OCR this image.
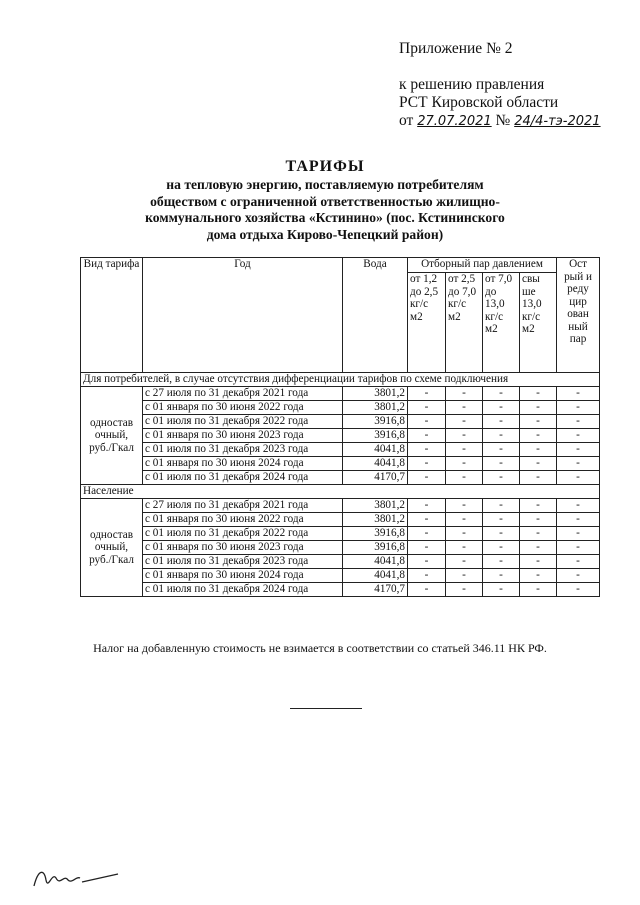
Приложение № 2
к решению правления
РСТ Кировской области
от 27.07.2021 № 24/4-тэ-2021
ТАРИФЫ
на тепловую энергию, поставляемую потребителям
обществом с ограниченной ответственностью жилищно-
коммунального хозяйства «Кстинино» (пос. Кстининского
дома отдыха Кирово-Чепецкий район)
Вид тарифа	Год	Вода	Отборный пар давлением				Ост рый и реду цир ован ный пар
			от 1,2 до 2,5 кг/с м2	от 2,5 до 7,0 кг/с м2	от 7,0 до 13,0 кг/с м2	свы ше 13,0 кг/с м2	
Для потребителей, в случае отсутствия дифференциации тарифов по схеме подключения							
одностав очный, руб./Гкал	с 27 июля по 31 декабря 2021 года	3801,2	-	-	-	-	-
	с 01 января по 30 июня 2022 года	3801,2	-	-	-	-	-
	с 01 июля по 31 декабря 2022 года	3916,8	-	-	-	-	-
	с 01 января по 30 июня 2023 года	3916,8	-	-	-	-	-
	с 01 июля по 31 декабря 2023 года	4041,8	-	-	-	-	-
	с 01 января по 30 июня 2024 года	4041,8	-	-	-	-	-
	с 01 июля по 31 декабря 2024 года	4170,7	-	-	-	-	-
Население							
одностав очный, руб./Гкал	с 27 июля по 31 декабря 2021 года	3801,2	-	-	-	-	-
	с 01 января по 30 июня 2022 года	3801,2	-	-	-	-	-
	с 01 июля по 31 декабря 2022 года	3916,8	-	-	-	-	-
	с 01 января по 30 июня 2023 года	3916,8	-	-	-	-	-
	с 01 июля по 31 декабря 2023 года	4041,8	-	-	-	-	-
	с 01 января по 30 июня 2024 года	4041,8	-	-	-	-	-
	с 01 июля по 31 декабря 2024 года	4170,7	-	-	-	-	-
Налог на добавленную стоимость не взимается в соответствии со статьей 346.11 НК РФ.
